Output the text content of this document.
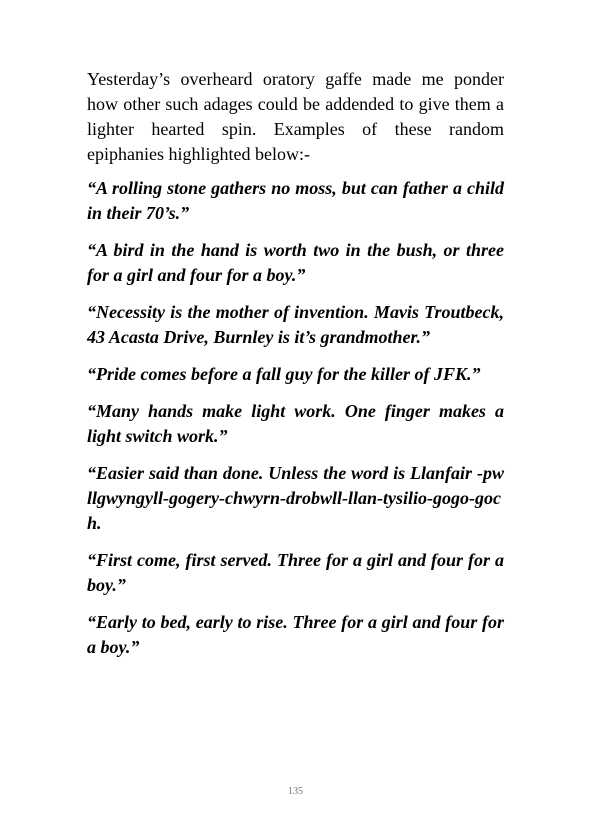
Yesterday’s overheard oratory gaffe made me ponder how other such adages could be addended to give them a lighter hearted spin. Examples of these random epiphanies highlighted below:-

“A rolling stone gathers no moss, but can father a child in their 70’s.”

“A bird in the hand is worth two in the bush, or three for a girl and four for a boy.”

“Necessity is the mother of invention. Mavis Troutbeck, 43 Acasta Drive, Burnley is it’s grandmother.”

“Pride comes before a fall guy for the killer of JFK.”

“Many hands make light work. One finger makes a light switch work.”

“Easier said than done. Unless the word is Llanfair -pwllgwyngyll-gogery-chwyrn-drobwll-llan-tysilio-gogo-goch.

“First come, first served. Three for a girl and four for a boy.”

“Early to bed, early to rise. Three for a girl and four for a boy.”

135
